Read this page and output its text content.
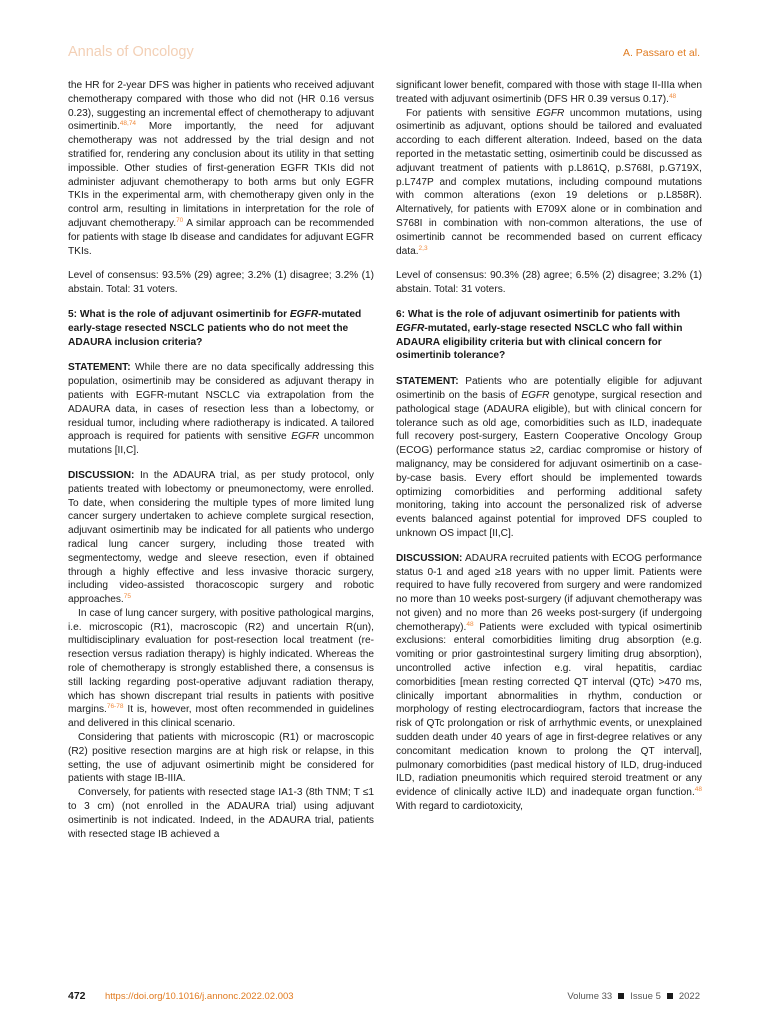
Annals of Oncology	A. Passaro et al.

the HR for 2-year DFS was higher in patients who received adjuvant chemotherapy compared with those who did not (HR 0.16 versus 0.23), suggesting an incremental effect of chemotherapy to adjuvant osimertinib.$^{48,74}$ More importantly, the need for adjuvant chemotherapy was not addressed by the trial design and not stratified for, rendering any conclusion about its utility in that setting impossible. Other studies of first-generation EGFR TKIs did not administer adjuvant chemotherapy to both arms but only EGFR TKIs in the experimental arm, with chemotherapy given only in the control arm, resulting in limitations in interpretation for the role of adjuvant chemotherapy.$^{70}$ A similar approach can be recommended for patients with stage Ib disease and candidates for adjuvant EGFR TKIs.

Level of consensus: 93.5% (29) agree; 3.2% (1) disagree; 3.2% (1) abstain. Total: 31 voters.

5: What is the role of adjuvant osimertinib for EGFR-mutated early-stage resected NSCLC patients who do not meet the ADAURA inclusion criteria?

STATEMENT: While there are no data specifically addressing this population, osimertinib may be considered as adjuvant therapy in patients with EGFR-mutant NSCLC via extrapolation from the ADAURA data, in cases of resection less than a lobectomy, or residual tumor, including where radiotherapy is indicated. A tailored approach is required for patients with sensitive EGFR uncommon mutations [II,C].

DISCUSSION: In the ADAURA trial, as per study protocol, only patients treated with lobectomy or pneumonectomy, were enrolled. To date, when considering the multiple types of more limited lung cancer surgery undertaken to achieve complete surgical resection, adjuvant osimertinib may be indicated for all patients who undergo radical lung cancer surgery, including those treated with segmentectomy, wedge and sleeve resection, even if obtained through a highly effective and less invasive thoracic surgery, including video-assisted thoracoscopic surgery and robotic approaches.$^{75}$

In case of lung cancer surgery, with positive pathological margins, i.e. microscopic (R1), macroscopic (R2) and uncertain R(un), multidisciplinary evaluation for post-resection local treatment (re-resection versus radiation therapy) is highly indicated. Whereas the role of chemotherapy is strongly established there, a consensus is still lacking regarding post-operative adjuvant radiation therapy, which has shown discrepant trial results in patients with positive margins.$^{76-78}$ It is, however, most often recommended in guidelines and delivered in this clinical scenario.

Considering that patients with microscopic (R1) or macroscopic (R2) positive resection margins are at high risk or relapse, in this setting, the use of adjuvant osimertinib might be considered for patients with stage IB-IIIA.

Conversely, for patients with resected stage IA1-3 (8th TNM; T ≤1 to 3 cm) (not enrolled in the ADAURA trial) using adjuvant osimertinib is not indicated. Indeed, in the ADAURA trial, patients with resected stage IB achieved a

significant lower benefit, compared with those with stage II-IIIa when treated with adjuvant osimertinib (DFS HR 0.39 versus 0.17).$^{48}$

For patients with sensitive EGFR uncommon mutations, using osimertinib as adjuvant, options should be tailored and evaluated according to each different alteration. Indeed, based on the data reported in the metastatic setting, osimertinib could be discussed as adjuvant treatment of patients with p.L861Q, p.S768I, p.G719X, p.L747P and complex mutations, including compound mutations with common alterations (exon 19 deletions or p.L858R). Alternatively, for patients with E709X alone or in combination and S768I in combination with non-common alterations, the use of osimertinib cannot be recommended based on current efficacy data.$^{2,3}$

Level of consensus: 90.3% (28) agree; 6.5% (2) disagree; 3.2% (1) abstain. Total: 31 voters.

6: What is the role of adjuvant osimertinib for patients with EGFR-mutated, early-stage resected NSCLC who fall within ADAURA eligibility criteria but with clinical concern for osimertinib tolerance?

STATEMENT: Patients who are potentially eligible for adjuvant osimertinib on the basis of EGFR genotype, surgical resection and pathological stage (ADAURA eligible), but with clinical concern for tolerance such as old age, comorbidities such as ILD, inadequate full recovery post-surgery, Eastern Cooperative Oncology Group (ECOG) performance status ≥2, cardiac compromise or history of malignancy, may be considered for adjuvant osimertinib on a case-by-case basis. Every effort should be implemented towards optimizing comorbidities and performing additional safety monitoring, taking into account the personalized risk of adverse events balanced against potential for improved DFS coupled to unknown OS impact [II,C].

DISCUSSION: ADAURA recruited patients with ECOG performance status 0-1 and aged ≥18 years with no upper limit. Patients were required to have fully recovered from surgery and were randomized no more than 10 weeks post-surgery (if adjuvant chemotherapy was not given) and no more than 26 weeks post-surgery (if undergoing chemotherapy).$^{48}$ Patients were excluded with typical osimertinib exclusions: enteral comorbidities limiting drug absorption (e.g. vomiting or prior gastrointestinal surgery limiting drug absorption), uncontrolled active infection e.g. viral hepatitis, cardiac comorbidities [mean resting corrected QT interval (QTc) >470 ms, clinically important abnormalities in rhythm, conduction or morphology of resting electrocardiogram, factors that increase the risk of QTc prolongation or risk of arrhythmic events, or unexplained sudden death under 40 years of age in first-degree relatives or any concomitant medication known to prolong the QT interval], pulmonary comorbidities (past medical history of ILD, drug-induced ILD, radiation pneumonitis which required steroid treatment or any evidence of clinically active ILD) and inadequate organ function.$^{48}$ With regard to cardiotoxicity,

472 https://doi.org/10.1016/j.annonc.2022.02.003	Volume 33 Issue 5 2022
